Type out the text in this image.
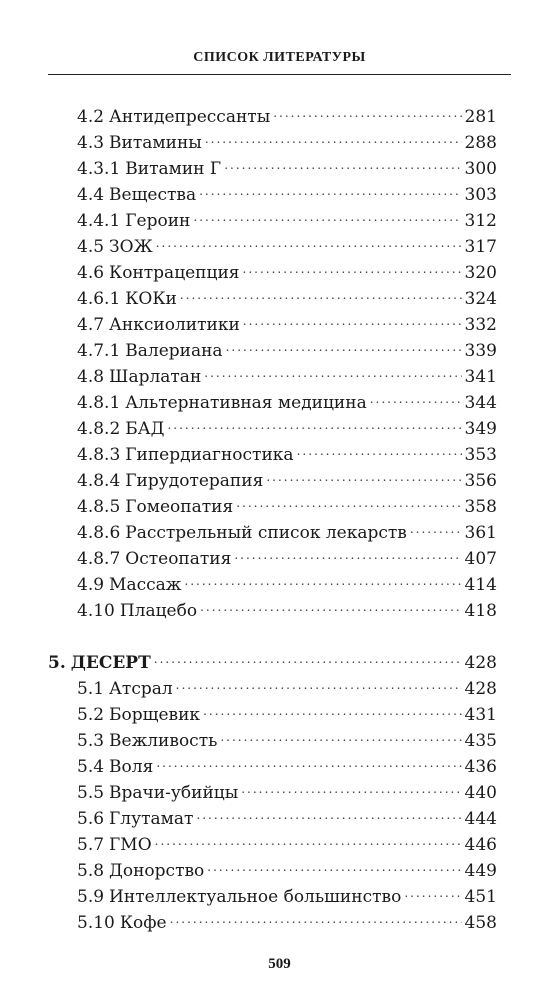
СПИСОК ЛИТЕРАТУРЫ
4.2 Антидепрессанты .....	281
4.3 Витамины .....	288
4.3.1 Витамин Г .....	300
4.4 Вещества .....	303
4.4.1 Героин .....	312
4.5 ЗОЖ .....	317
4.6 Контрацепция .....	320
4.6.1 КОКи .....	324
4.7 Анксиолитики .....	332
4.7.1 Валериана .....	339
4.8 Шарлатан .....	341
4.8.1 Альтернативная медицина .....	344
4.8.2 БАД .....	349
4.8.3 Гипердиагностика .....	353
4.8.4 Гирудотерапия .....	356
4.8.5 Гомеопатия .....	358
4.8.6 Расстрельный список лекарств .....	361
4.8.7 Остеопатия .....	407
4.9 Массаж .....	414
4.10 Плацебо .....	418
5. ДЕСЕРТ .....	428
5.1 Атсрал .....	428
5.2 Борщевик .....	431
5.3 Вежливость .....	435
5.4 Воля .....	436
5.5 Врачи-убийцы .....	440
5.6 Глутамат .....	444
5.7 ГМО .....	446
5.8 Донорство .....	449
5.9 Интеллектуальное большинство .....	451
5.10 Кофе .....	458
509
